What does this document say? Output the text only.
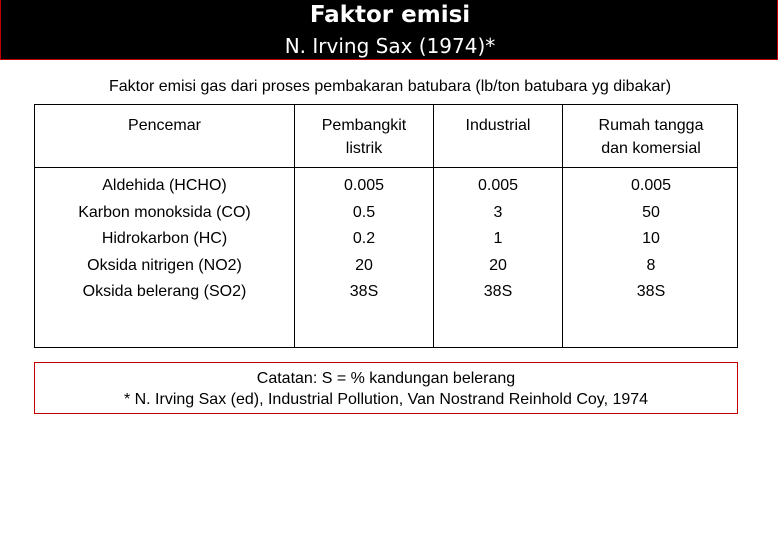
Faktor emisi
N. Irving Sax (1974)*
Faktor emisi gas dari proses pembakaran batubara (lb/ton batubara yg dibakar)
Pencemar	Pembangkit
listrik
Industrial	Rumah tangga
dan komersial
Aldehida (HCHO)
Karbon monoksida (CO)
Hidrokarbon (HC)
Oksida nitrigen (NO2)
Oksida belerang (SO2)
0.005
0.5
0.2
20
38S
0.005
3
1
20
38S
0.005
50
10
8
38S
Catatan: S = % kandungan belerang
* N. Irving Sax (ed), Industrial Pollution, Van Nostrand Reinhold Coy, 1974
